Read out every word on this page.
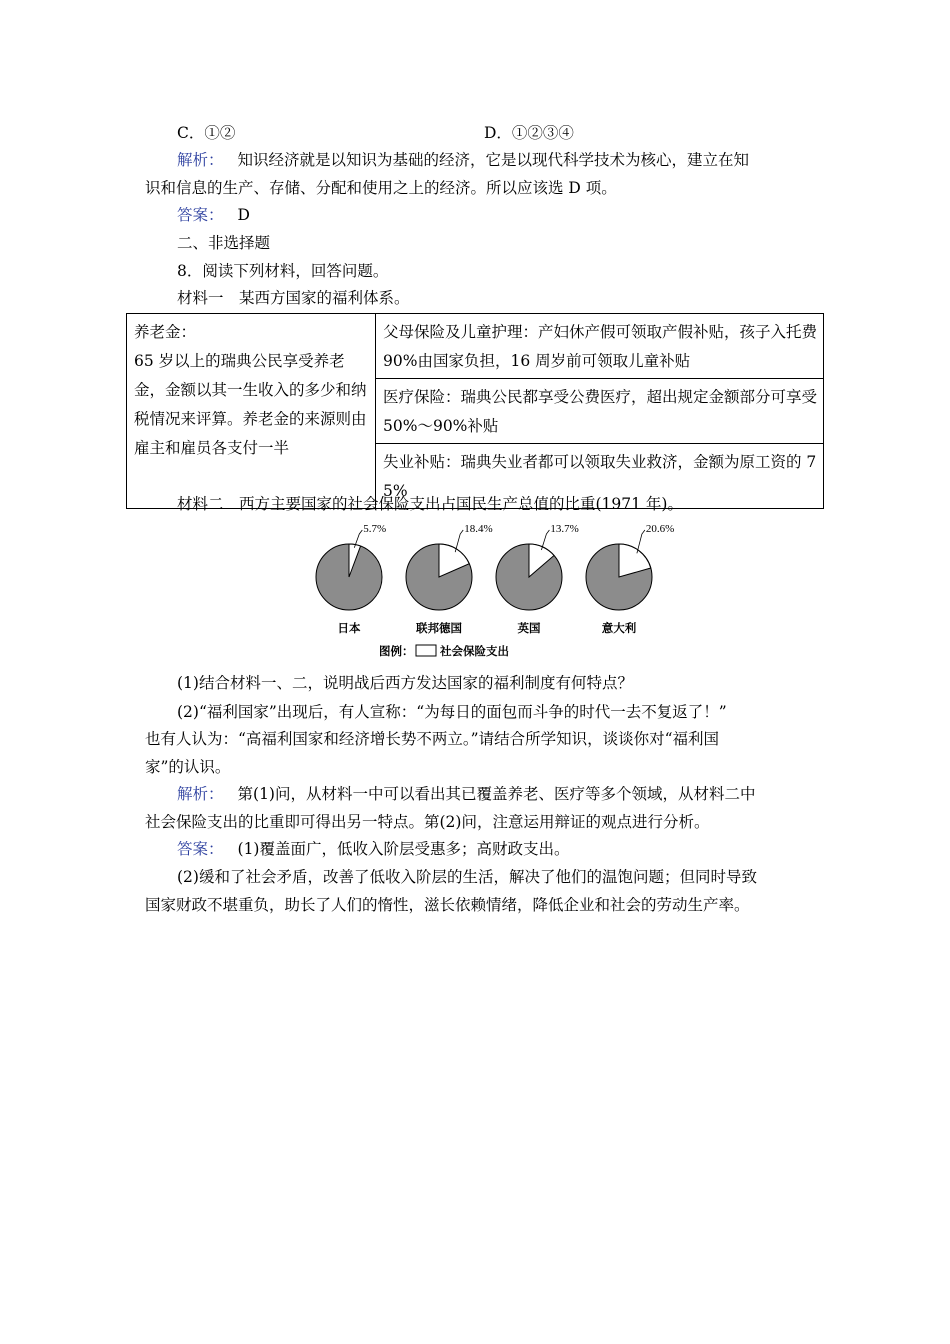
C．①②	D．①②③④
解析： 知识经济就是以知识为基础的经济，它是以现代科学技术为核心，建立在知
识和信息的生产、存储、分配和使用之上的经济。所以应该选 D 项。
答案： D
二、非选择题
8．阅读下列材料，回答问题。
材料一　某西方国家的福利体系。
养老金：
65 岁以上的瑞典公民享受养老金，金额以其一生收入的多少和纳税情况来评算。养老金的来源则由雇主和雇员各支付一半	父母保险及儿童护理：产妇休产假可领取产假补贴，孩子入托费 90%由国家负担，16 周岁前可领取儿童补贴
医疗保险：瑞典公民都享受公费医疗，超出规定金额部分可享受 50%～90%补贴
失业补贴：瑞典失业者都可以领取失业救济，金额为原工资的 75%
材料二　西方主要国家的社会保险支出占国民生产总值的比重(1971 年)。
5.7%
日本
18.4%
联邦德国
13.7%
英国
20.6%
意大利
图例： 社会保险支出
(1)结合材料一、二，说明战后西方发达国家的福利制度有何特点？
(2)“福利国家”出现后，有人宣称：“为每日的面包而斗争的时代一去不复返了！”
也有人认为：“高福利国家和经济增长势不两立。”请结合所学知识，谈谈你对“福利国
家”的认识。
解析： 第(1)问，从材料一中可以看出其已覆盖养老、医疗等多个领域，从材料二中
社会保险支出的比重即可得出另一特点。第(2)问，注意运用辩证的观点进行分析。
答案： (1)覆盖面广，低收入阶层受惠多；高财政支出。
(2)缓和了社会矛盾，改善了低收入阶层的生活，解决了他们的温饱问题；但同时导致
国家财政不堪重负，助长了人们的惰性，滋长依赖情绪，降低企业和社会的劳动生产率。
